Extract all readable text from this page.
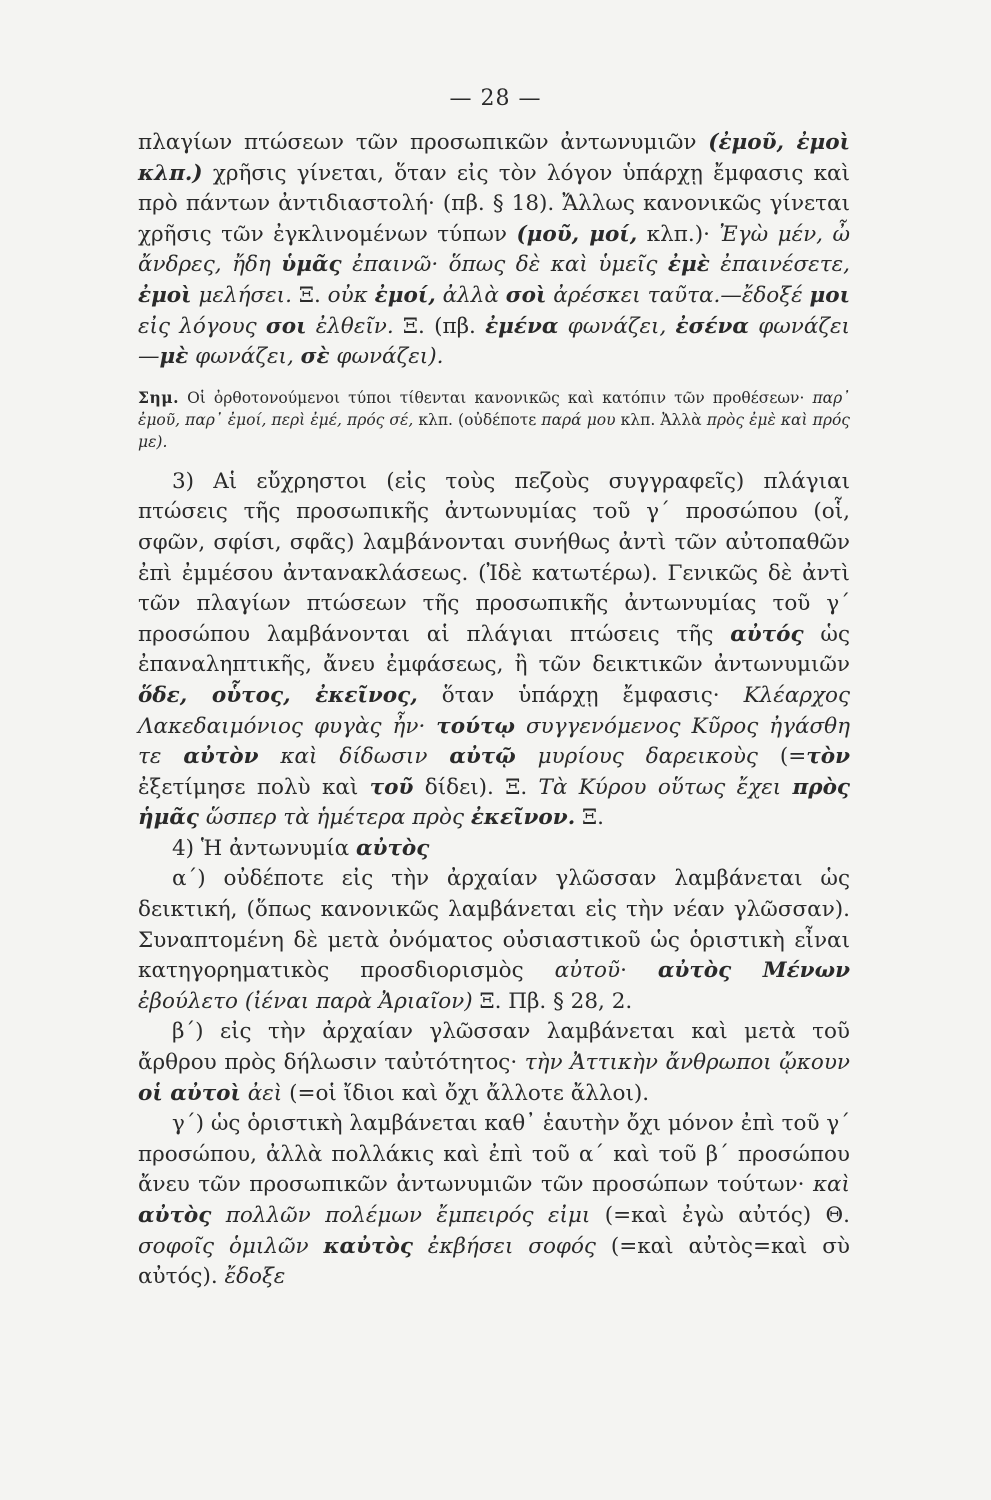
— 28 —

πλαγίων πτώσεων τῶν προσωπικῶν ἀντωνυμιῶν (ἐμοῦ, ἐμοὶ κλπ.) χρῆσις γίνεται, ὅταν εἰς τὸν λόγον ὑπάρχῃ ἔμφασις καὶ πρὸ πάντων ἀντιδιαστολή· (πβ. § 18). Ἄλλως κανονικῶς γίνεται χρῆσις τῶν ἐγκλινομένων τύπων (μοῦ, μοί, κλπ.)· Ἐγὼ μέν, ὦ ἄνδρες, ἤδη ὑμᾶς ἐπαινῶ· ὅπως δὲ καὶ ὑμεῖς ἐμὲ ἐπαινέσετε, ἐμοὶ μελήσει. Ξ. οὐκ ἐμοί, ἀλλὰ σοὶ ἀρέσκει ταῦτα.—ἔδοξέ μοι εἰς λόγους σοι ἐλθεῖν. Ξ. (πβ. ἐμένα φωνάζει, ἐσένα φωνάζει—μὲ φωνάζει, σὲ φωνάζει).

Σημ. Οἱ ὀρθοτονούμενοι τύποι τίθενται κανονικῶς καὶ κατόπιν τῶν προθέσεων· παρ᾽ ἐμοῦ, παρ᾽ ἐμοί, περὶ ἐμέ, πρός σέ, κλπ. (οὐδέποτε παρά μου κλπ. Ἀλλὰ πρὸς ἐμὲ καὶ πρός με).

3) Αἱ εὔχρηστοι (εἰς τοὺς πεζοὺς συγγραφεῖς) πλάγιαι πτώσεις τῆς προσωπικῆς ἀντωνυμίας τοῦ γ΄ προσώπου (οἷ, σφῶν, σφίσι, σφᾶς) λαμβάνονται συνήθως ἀντὶ τῶν αὐτοπαθῶν ἐπὶ ἐμμέσου ἀντανακλάσεως. (Ἰδὲ κατωτέρω). Γενικῶς δὲ ἀντὶ τῶν πλαγίων πτώσεων τῆς προσωπικῆς ἀντωνυμίας τοῦ γ΄ προσώπου λαμβάνονται αἱ πλάγιαι πτώσεις τῆς αὐτός ὡς ἐπαναληπτικῆς, ἄνευ ἐμφάσεως, ἢ τῶν δεικτικῶν ἀντωνυμιῶν ὅδε, οὗτος, ἐκεῖνος, ὅταν ὑπάρχῃ ἔμφασις· Κλέαρχος Λακεδαιμόνιος φυγὰς ἦν· τούτῳ συγγενόμενος Κῦρος ἠγάσθη τε αὐτὸν καὶ δίδωσιν αὐτῷ μυρίους δαρεικοὺς (=τὸν ἐξετίμησε πολὺ καὶ τοῦ δίδει). Ξ. Τὰ Κύρου οὕτως ἔχει πρὸς ἡμᾶς ὥσπερ τὰ ἡμέτερα πρὸς ἐκεῖνον. Ξ.

4) Ἡ ἀντωνυμία αὐτὸς

α΄) οὐδέποτε εἰς τὴν ἀρχαίαν γλῶσσαν λαμβάνεται ὡς δεικτική, (ὅπως κανονικῶς λαμβάνεται εἰς τὴν νέαν γλῶσσαν). Συναπτομένη δὲ μετὰ ὀνόματος οὐσιαστικοῦ ὡς ὁριστικὴ εἶναι κατηγορηματικὸς προσδιορισμὸς αὐτοῦ· αὐτὸς Μένων ἐβούλετο (ἰέναι παρὰ Ἀριαῖον) Ξ. Πβ. § 28, 2.

β΄) εἰς τὴν ἀρχαίαν γλῶσσαν λαμβάνεται καὶ μετὰ τοῦ ἄρθρου πρὸς δήλωσιν ταὐτότητος· τὴν Ἀττικὴν ἄνθρωποι ᾤκουν οἱ αὐτοὶ ἀεὶ (=οἱ ἴδιοι καὶ ὄχι ἄλλοτε ἄλλοι).

γ΄) ὡς ὁριστικὴ λαμβάνεται καθ᾽ ἑαυτὴν ὄχι μόνον ἐπὶ τοῦ γ΄ προσώπου, ἀλλὰ πολλάκις καὶ ἐπὶ τοῦ α΄ καὶ τοῦ β΄ προσώπου ἄνευ τῶν προσωπικῶν ἀντωνυμιῶν τῶν προσώπων τούτων· καὶ αὐτὸς πολλῶν πολέμων ἔμπειρός εἰμι (=καὶ ἐγὼ αὐτός) Θ. σοφοῖς ὁμιλῶν καὐτὸς ἐκβήσει σοφός (=καὶ αὐτὸς=καὶ σὺ αὐτός). ἔδοξε
